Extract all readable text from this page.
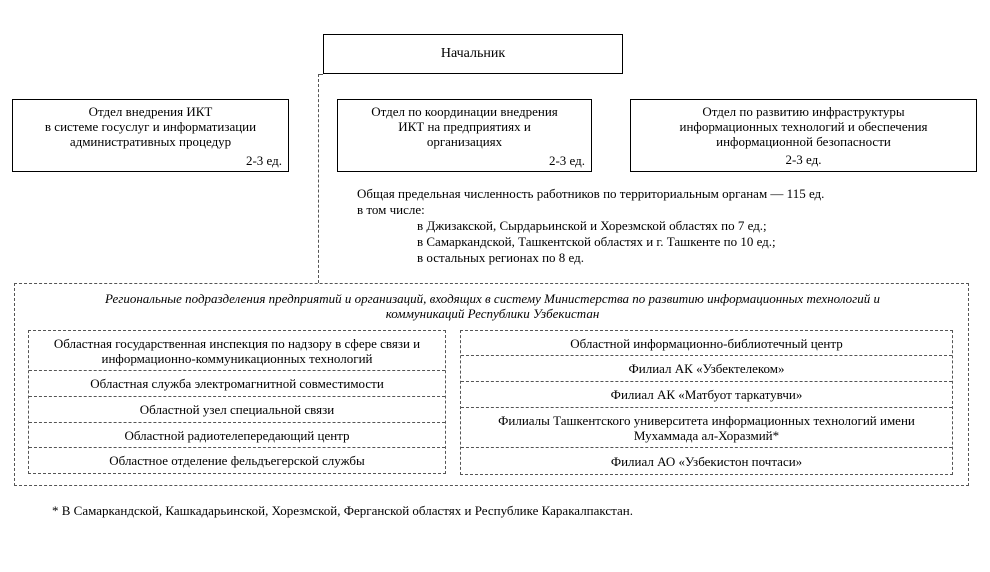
Начальник
Отдел внедрения ИКТ
в системе госуслуг и информатизации
административных процедур
2-3 ед.
Отдел по координации внедрения
ИКТ на предприятиях и
организациях
2-3 ед.
Отдел по развитию инфраструктуры
информационных технологий и обеспечения
информационной безопасности
2-3 ед.
Общая предельная численность работников по территориальным органам — 115 ед.
в том числе:
в Джизакской, Сырдарьинской и Хорезмской областях по 7 ед.;
в Самаркандской, Ташкентской областях и г. Ташкенте по 10 ед.;
в остальных регионах по 8 ед.
Региональные подразделения предприятий и организаций, входящих в систему Министерства по развитию информационных технологий и коммуникаций Республики Узбекистан
Областная государственная инспекция по надзору в сфере связи и информационно-коммуникационных технологий
Областная служба электромагнитной совместимости
Областной узел специальной связи
Областной радиотелепередающий центр
Областное отделение фельдъегерской службы
Областной информационно-библиотечный центр
Филиал АК «Узбектелеком»
Филиал АК «Матбуот таркатувчи»
Филиалы Ташкентского университета информационных технологий имени Мухаммада ал-Хоразмий*
Филиал АО «Узбекистон почтаси»
* В Самаркандской, Кашкадарьинской, Хорезмской, Ферганской областях и Республике Каракалпакстан.
